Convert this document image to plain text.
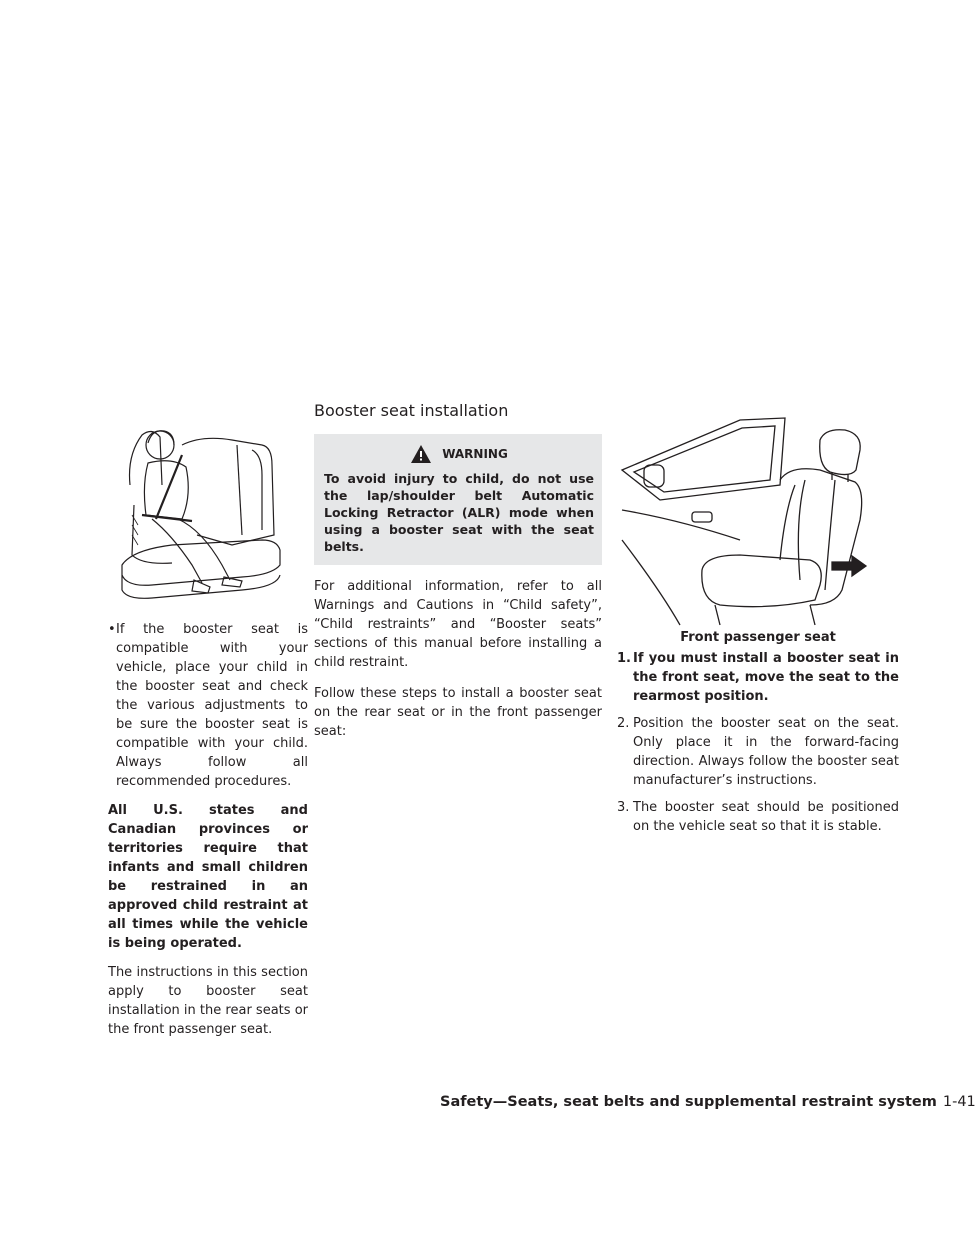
• If the booster seat is compatible with your vehicle, place your child in the booster seat and check the various adjustments to be sure the booster seat is compatible with your child. Always follow all recommended procedures.

All U.S. states and Canadian provinces or territories require that infants and small children be restrained in an approved child restraint at all times while the vehicle is being operated.

The instructions in this section apply to booster seat installation in the rear seats or the front passenger seat.

Booster seat installation
WARNING

To avoid injury to child, do not use the lap/shoulder belt Automatic Locking Retractor (ALR) mode when using a booster seat with the seat belts.

For additional information, refer to all Warnings and Cautions in “Child safety”, “Child restraints” and “Booster seats” sections of this manual before installing a child restraint.

Follow these steps to install a booster seat on the rear seat or in the front passenger seat:

Front passenger seat
1. If you must install a booster seat in the front seat, move the seat to the rearmost position.
2. Position the booster seat on the seat. Only place it in the forward-facing direction. Always follow the booster seat manufacturer’s instructions.
3. The booster seat should be positioned on the vehicle seat so that it is stable.
Safety—Seats, seat belts and supplemental restraint system 1-41
